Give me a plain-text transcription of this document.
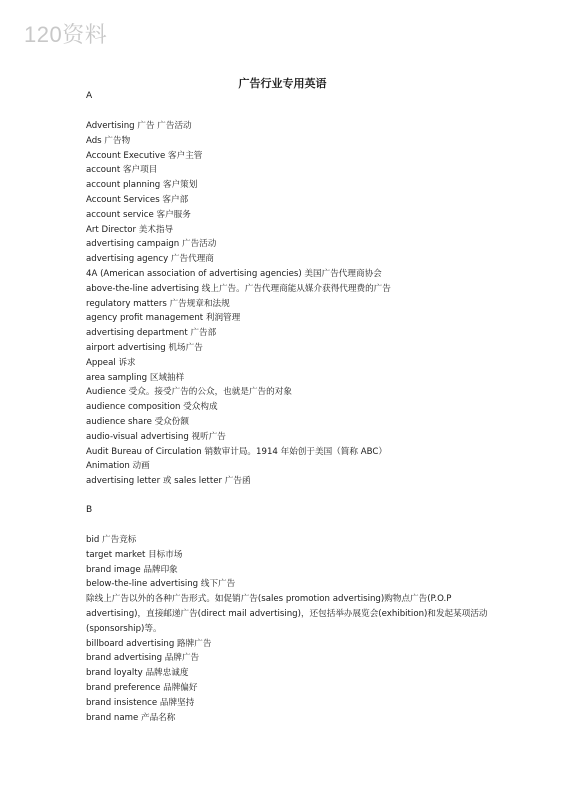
120资料
广告行业专用英语
A
Advertising 广告 广告活动
Ads 广告物
Account Executive 客户主管
account 客户项目
account planning 客户策划
Account Services 客户部
account service 客户服务
Art Director 美术指导
advertising campaign 广告活动
advertising agency 广告代理商
4A (American association of advertising agencies) 美国广告代理商协会
above-the-line advertising 线上广告。广告代理商能从媒介获得代理费的广告
regulatory matters 广告规章和法规
agency profit management 利润管理
advertising department 广告部
airport advertising 机场广告
Appeal 诉求
area sampling 区域抽样
Audience 受众。接受广告的公众，也就是广告的对象
audience composition 受众构成
audience share 受众份额
audio-visual advertising 视听广告
Audit Bureau of Circulation 销数审计局。1914 年始创于美国（简称 ABC）
Animation 动画
advertising letter 或 sales letter 广告函
B
bid 广告竞标
target market 目标市场
brand image 品牌印象
below-the-line advertising 线下广告
除线上广告以外的各种广告形式。如促销广告(sales promotion advertising)购物点广告(P.O.P advertising)，直接邮递广告(direct mail advertising)，还包括举办展览会(exhibition)和发起某项活动(sponsorship)等。
billboard advertising 路牌广告
brand advertising 品牌广告
brand loyalty 品牌忠诚度
brand preference 品牌偏好
brand insistence 品牌坚持
brand name 产品名称
